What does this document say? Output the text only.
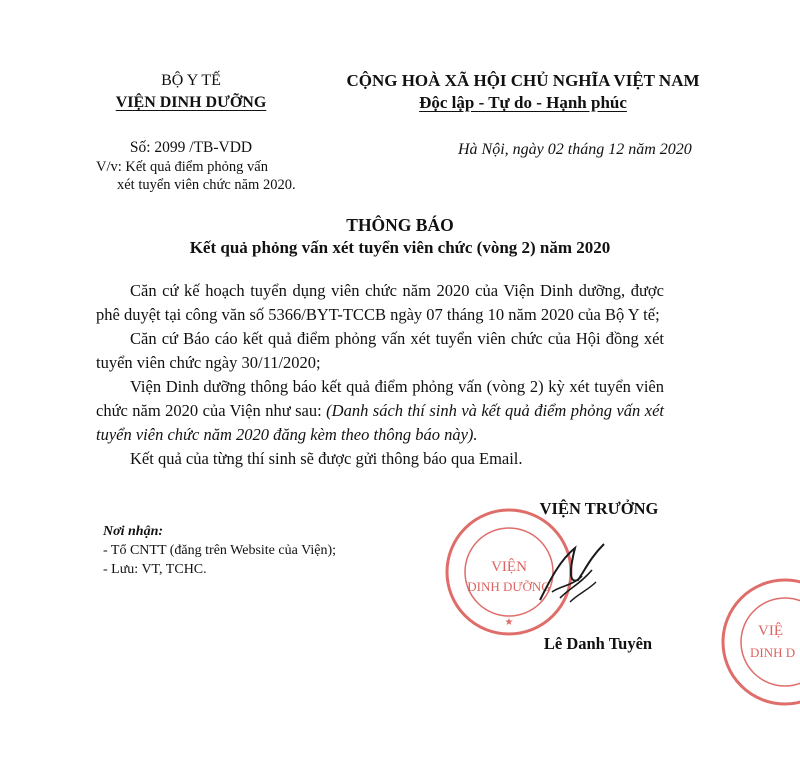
BỘ Y TẾ
VIỆN DINH DƯỠNG
CỘNG HOÀ XÃ HỘI CHỦ NGHĨA VIỆT NAM
Độc lập - Tự do - Hạnh phúc
Số: 2099 /TB-VDD
V/v: Kết quả điểm phỏng vấn
xét tuyển viên chức năm 2020.
Hà Nội, ngày 02 tháng 12 năm 2020
THÔNG BÁO
Kết quả phỏng vấn xét tuyển viên chức (vòng 2) năm 2020

Căn cứ kế hoạch tuyển dụng viên chức năm 2020 của Viện Dinh dưỡng, được phê duyệt tại công văn số 5366/BYT-TCCB ngày 07 tháng 10 năm 2020 của Bộ Y tế;

Căn cứ Báo cáo kết quả điểm phỏng vấn xét tuyển viên chức của Hội đồng xét tuyển viên chức ngày 30/11/2020;

Viện Dinh dưỡng thông báo kết quả điểm phỏng vấn (vòng 2) kỳ xét tuyển viên chức năm 2020 của Viện như sau: (Danh sách thí sinh và kết quả điểm phỏng vấn xét tuyển viên chức năm 2020 đăng kèm theo thông báo này).

Kết quả của từng thí sinh sẽ được gửi thông báo qua Email.

Nơi nhận:
- Tổ CNTT (đăng trên Website của Viện);
- Lưu: VT, TCHC.	VIỆN
DINH DƯỠNG
★
VIỆN TRƯỞNG
Lê Danh Tuyên
VIỆ
DINH D
